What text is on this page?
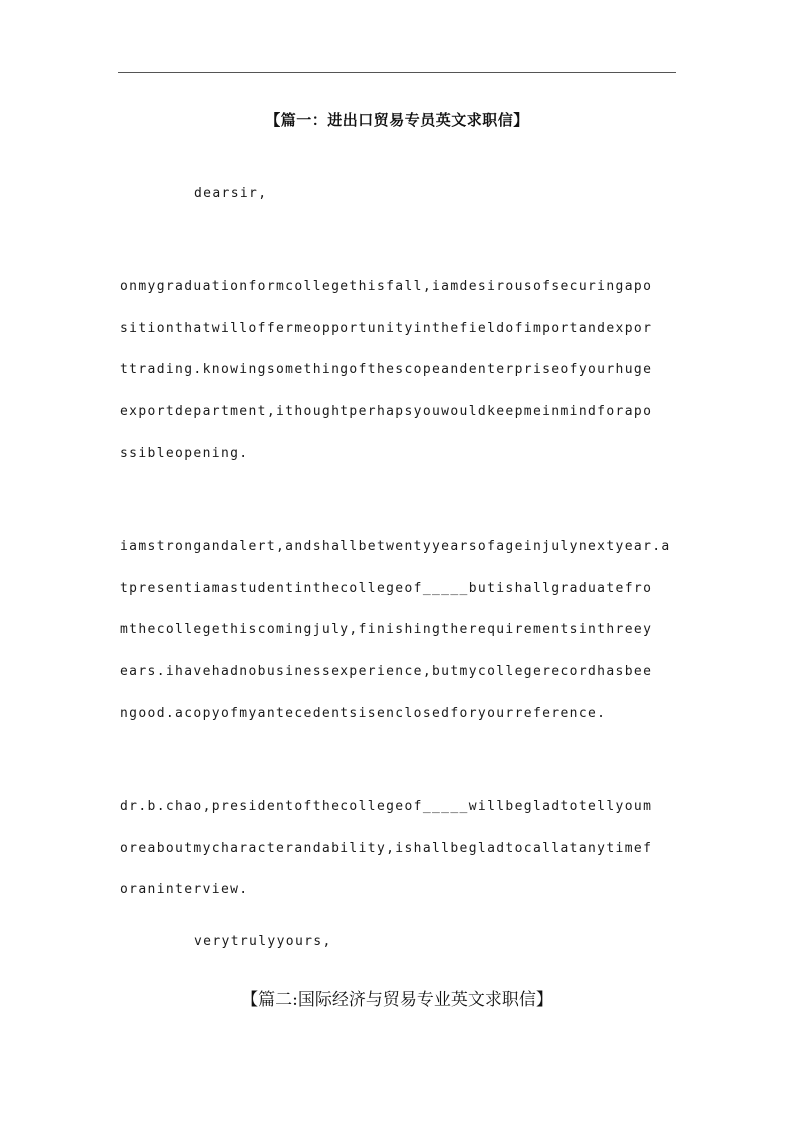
【篇一：进出口贸易专员英文求职信】
dearsir,
onmygraduationformcollegethisfall,iamdesirousofsecuringapo
sitionthatwilloffermeopportunityinthefieldofimportandexpor
ttrading.knowingsomethingofthescopeandenterpriseofyourhuge
exportdepartment,ithoughtperhapsyouwouldkeepmeinmindforapo
ssibleopening.
iamstrongandalert,andshallbetwentyyearsofageinjulynextyear.a
tpresentiamastudentinthecollegeof_____butishallgraduatefro
mthecollegethiscomingjuly,finishingtherequirementsinthreey
ears.ihavehadnobusinessexperience,butmycollegerecordhasbee
ngood.acopyofmyantecedentsisenclosedforyourreference.
dr.b.chao,presidentofthecollegeof_____willbegladtotellyoum
oreaboutmycharacterandability,ishallbegladtocallatanytimef
oraninterview.
verytrulyyours,
【篇二:国际经济与贸易专业英文求职信】
